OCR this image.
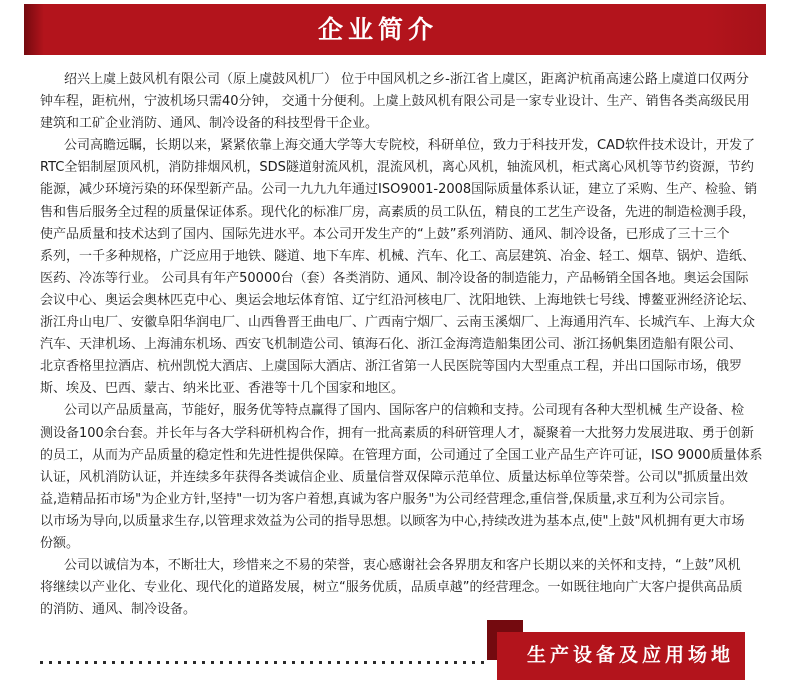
企业简介
绍兴上虞上鼓风机有限公司（原上虞鼓风机厂） 位于中国风机之乡-浙江省上虞区，距离沪杭甬高速公路上虞道口仅两分
钟车程，距杭州，宁波机场只需40分钟， 交通十分便利。上虞上鼓风机有限公司是一家专业设计、生产、销售各类高级民用
建筑和工矿企业消防、通风、制冷设备的科技型骨干企业。
公司高瞻远瞩，长期以来，紧紧依靠上海交通大学等大专院校，科研单位，致力于科技开发，CAD软件技术设计，开发了
RTC全铝制屋顶风机，消防排烟风机，SDS隧道射流风机，混流风机，离心风机，轴流风机，柜式离心风机等节约资源，节约
能源，减少环境污染的环保型新产品。公司一九九九年通过ISO9001-2008国际质量体系认证，建立了采购、生产、检验、销
售和售后服务全过程的质量保证体系。现代化的标准厂房，高素质的员工队伍，精良的工艺生产设备，先进的制造检测手段，
使产品质量和技术达到了国内、国际先进水平。本公司开发生产的“上鼓”系列消防、通风、制冷设备，已形成了三十三个
系列，一千多种规格，广泛应用于地铁、隧道、地下车库、机械、汽车、化工、高层建筑、冶金、轻工、烟草、锅炉、造纸、
医药、冷冻等行业。 公司具有年产50000台（套）各类消防、通风、制冷设备的制造能力，产品畅销全国各地。奥运会国际
会议中心、奥运会奥林匹克中心、奥运会地坛体育馆、辽宁红沿河核电厂、沈阳地铁、上海地铁七号线、博鳌亚洲经济论坛、
浙江舟山电厂、安徽阜阳华润电厂、山西鲁晋王曲电厂、广西南宁烟厂、云南玉溪烟厂、上海通用汽车、长城汽车、上海大众
汽车、天津机场、上海浦东机场、西安飞机制造公司、镇海石化、浙江金海湾造船集团公司、浙江扬帆集团造船有限公司、
北京香格里拉酒店、杭州凯悦大酒店、上虞国际大酒店、浙江省第一人民医院等国内大型重点工程，并出口国际市场，俄罗
斯、埃及、巴西、蒙古、纳米比亚、香港等十几个国家和地区。
公司以产品质量高，节能好，服务优等特点赢得了国内、国际客户的信赖和支持。公司现有各种大型机械 生产设备、检
测设备100余台套。并长年与各大学科研机构合作，拥有一批高素质的科研管理人才，凝聚着一大批努力发展进取、勇于创新
的员工，从而为产品质量的稳定性和先进性提供保障。在管理方面，公司通过了全国工业产品生产许可证，ISO 9000质量体系
认证，风机消防认证，并连续多年获得各类诚信企业、质量信誉双保障示范单位、质量达标单位等荣誉。公司以"抓质量出效
益,造精品拓市场"为企业方针,坚持"一切为客户着想,真诚为客户服务"为公司经营理念,重信誉,保质量,求互利为公司宗旨。
以市场为导向,以质量求生存,以管理求效益为公司的指导思想。以顾客为中心,持续改进为基本点,使"上鼓"风机拥有更大市场
份额。
公司以诚信为本，不断壮大，珍惜来之不易的荣誉，衷心感谢社会各界朋友和客户长期以来的关怀和支持，“上鼓”风机
将继续以产业化、专业化、现代化的道路发展，树立“服务优质，品质卓越”的经营理念。一如既往地向广大客户提供高品质
的消防、通风、制冷设备。
生产设备及应用场地
